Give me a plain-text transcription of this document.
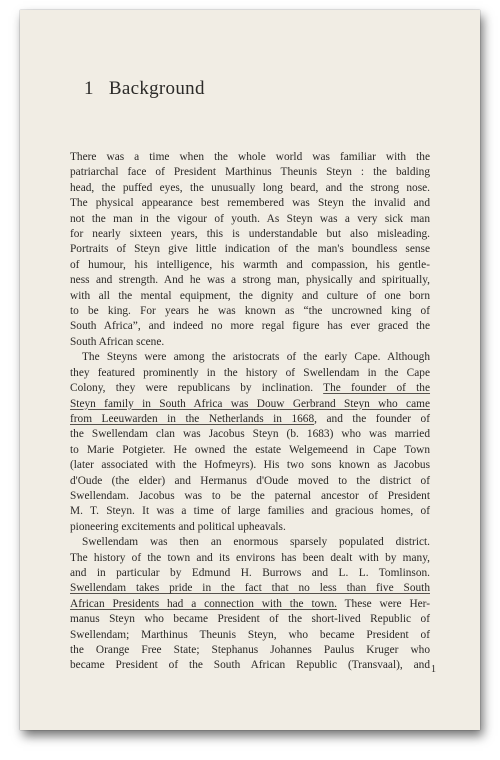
1 Background
There was a time when the whole world was familiar with the
patriarchal face of President Marthinus Theunis Steyn : the balding
head, the puffed eyes, the unusually long beard, and the strong nose.
The physical appearance best remembered was Steyn the invalid and
not the man in the vigour of youth. As Steyn was a very sick man
for nearly sixteen years, this is understandable but also misleading.
Portraits of Steyn give little indication of the man's boundless sense
of humour, his intelligence, his warmth and compassion, his gentle-
ness and strength. And he was a strong man, physically and spiritually,
with all the mental equipment, the dignity and culture of one born
to be king. For years he was known as “the uncrowned king of
South Africa”, and indeed no more regal figure has ever graced the
South African scene.
The Steyns were among the aristocrats of the early Cape. Although
they featured prominently in the history of Swellendam in the Cape
Colony, they were republicans by inclination. The founder of the
Steyn family in South Africa was Douw Gerbrand Steyn who came
from Leeuwarden in the Netherlands in 1668, and the founder of
the Swellendam clan was Jacobus Steyn (b. 1683) who was married
to Marie Potgieter. He owned the estate Welgemeend in Cape Town
(later associated with the Hofmeyrs). His two sons known as Jacobus
d'Oude (the elder) and Hermanus d'Oude moved to the district of
Swellendam. Jacobus was to be the paternal ancestor of President
M. T. Steyn. It was a time of large families and gracious homes, of
pioneering excitements and political upheavals.
Swellendam was then an enormous sparsely populated district.
The history of the town and its environs has been dealt with by many,
and in particular by Edmund H. Burrows and L. L. Tomlinson.
Swellendam takes pride in the fact that no less than five South
African Presidents had a connection with the town. These were Her-
manus Steyn who became President of the short-lived Republic of
Swellendam; Marthinus Theunis Steyn, who became President of
the Orange Free State; Stephanus Johannes Paulus Kruger who
became President of the South African Republic (Transvaal), and 1
